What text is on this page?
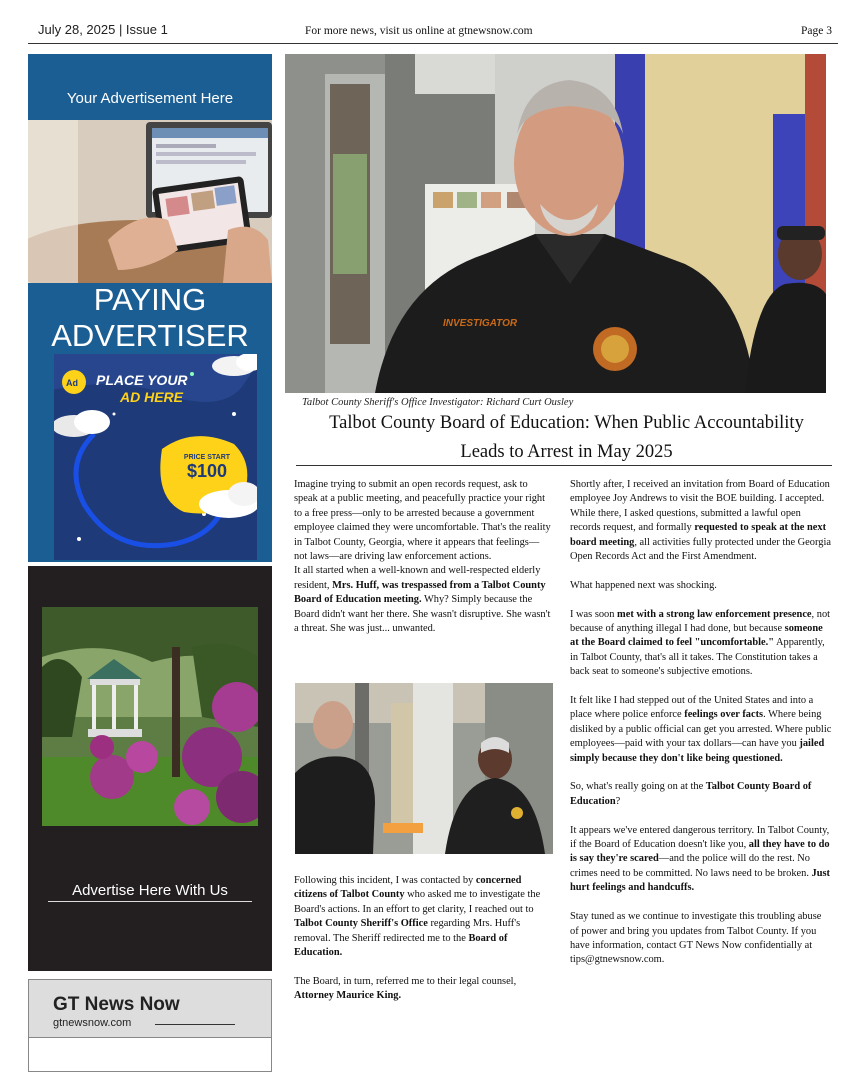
July 28, 2025 | Issue 1	For more news, visit us online at gtnewsnow.com	Page 3
Your Advertisement Here
PAYING
ADVERTISER
Ad PLACE YOUR
AD HERE
PRICE START
$100
Advertise Here With Us
GT News Now
gtnewsnow.com
INVESTIGATOR
Talbot County Sheriff's Office Investigator: Richard Curt Ousley
Talbot County Board of Education: When Public Accountability
Leads to Arrest in May 2025

Imagine trying to submit an open records request, ask to speak at a public meeting, and peacefully practice your right to a free press—only to be arrested because a government employee claimed they were uncomfortable. That's the reality in Talbot County, Georgia, where it appears that feelings—not laws—are driving law enforcement actions.

It all started when a well-known and well-respected elderly resident, Mrs. Huff, was trespassed from a Talbot County Board of Education meeting. Why? Simply because the Board didn't want her there. She wasn't disruptive. She wasn't a threat. She was just... unwanted.

Following this incident, I was contacted by concerned citizens of Talbot County who asked me to investigate the Board's actions. In an effort to get clarity, I reached out to Talbot County Sheriff's Office regarding Mrs. Huff's removal. The Sheriff redirected me to the Board of Education.

The Board, in turn, referred me to their legal counsel, Attorney Maurice King.

Shortly after, I received an invitation from Board of Education employee Joy Andrews to visit the BOE building. I accepted. While there, I asked questions, submitted a lawful open records request, and formally requested to speak at the next board meeting, all activities fully protected under the Georgia Open Records Act and the First Amendment.

What happened next was shocking.

I was soon met with a strong law enforcement presence, not because of anything illegal I had done, but because someone at the Board claimed to feel "uncomfortable." Apparently, in Talbot County, that's all it takes. The Constitution takes a back seat to someone's subjective emotions.

It felt like I had stepped out of the United States and into a place where police enforce feelings over facts. Where being disliked by a public official can get you arrested. Where public employees—paid with your tax dollars—can have you jailed simply because they don't like being questioned.

So, what's really going on at the Talbot County Board of Education?

It appears we've entered dangerous territory. In Talbot County, if the Board of Education doesn't like you, all they have to do is say they're scared—and the police will do the rest. No crimes need to be committed. No laws need to be broken. Just hurt feelings and handcuffs.

Stay tuned as we continue to investigate this troubling abuse of power and bring you updates from Talbot County. If you have information, contact GT News Now confidentially at tips@gtnewsnow.com.
